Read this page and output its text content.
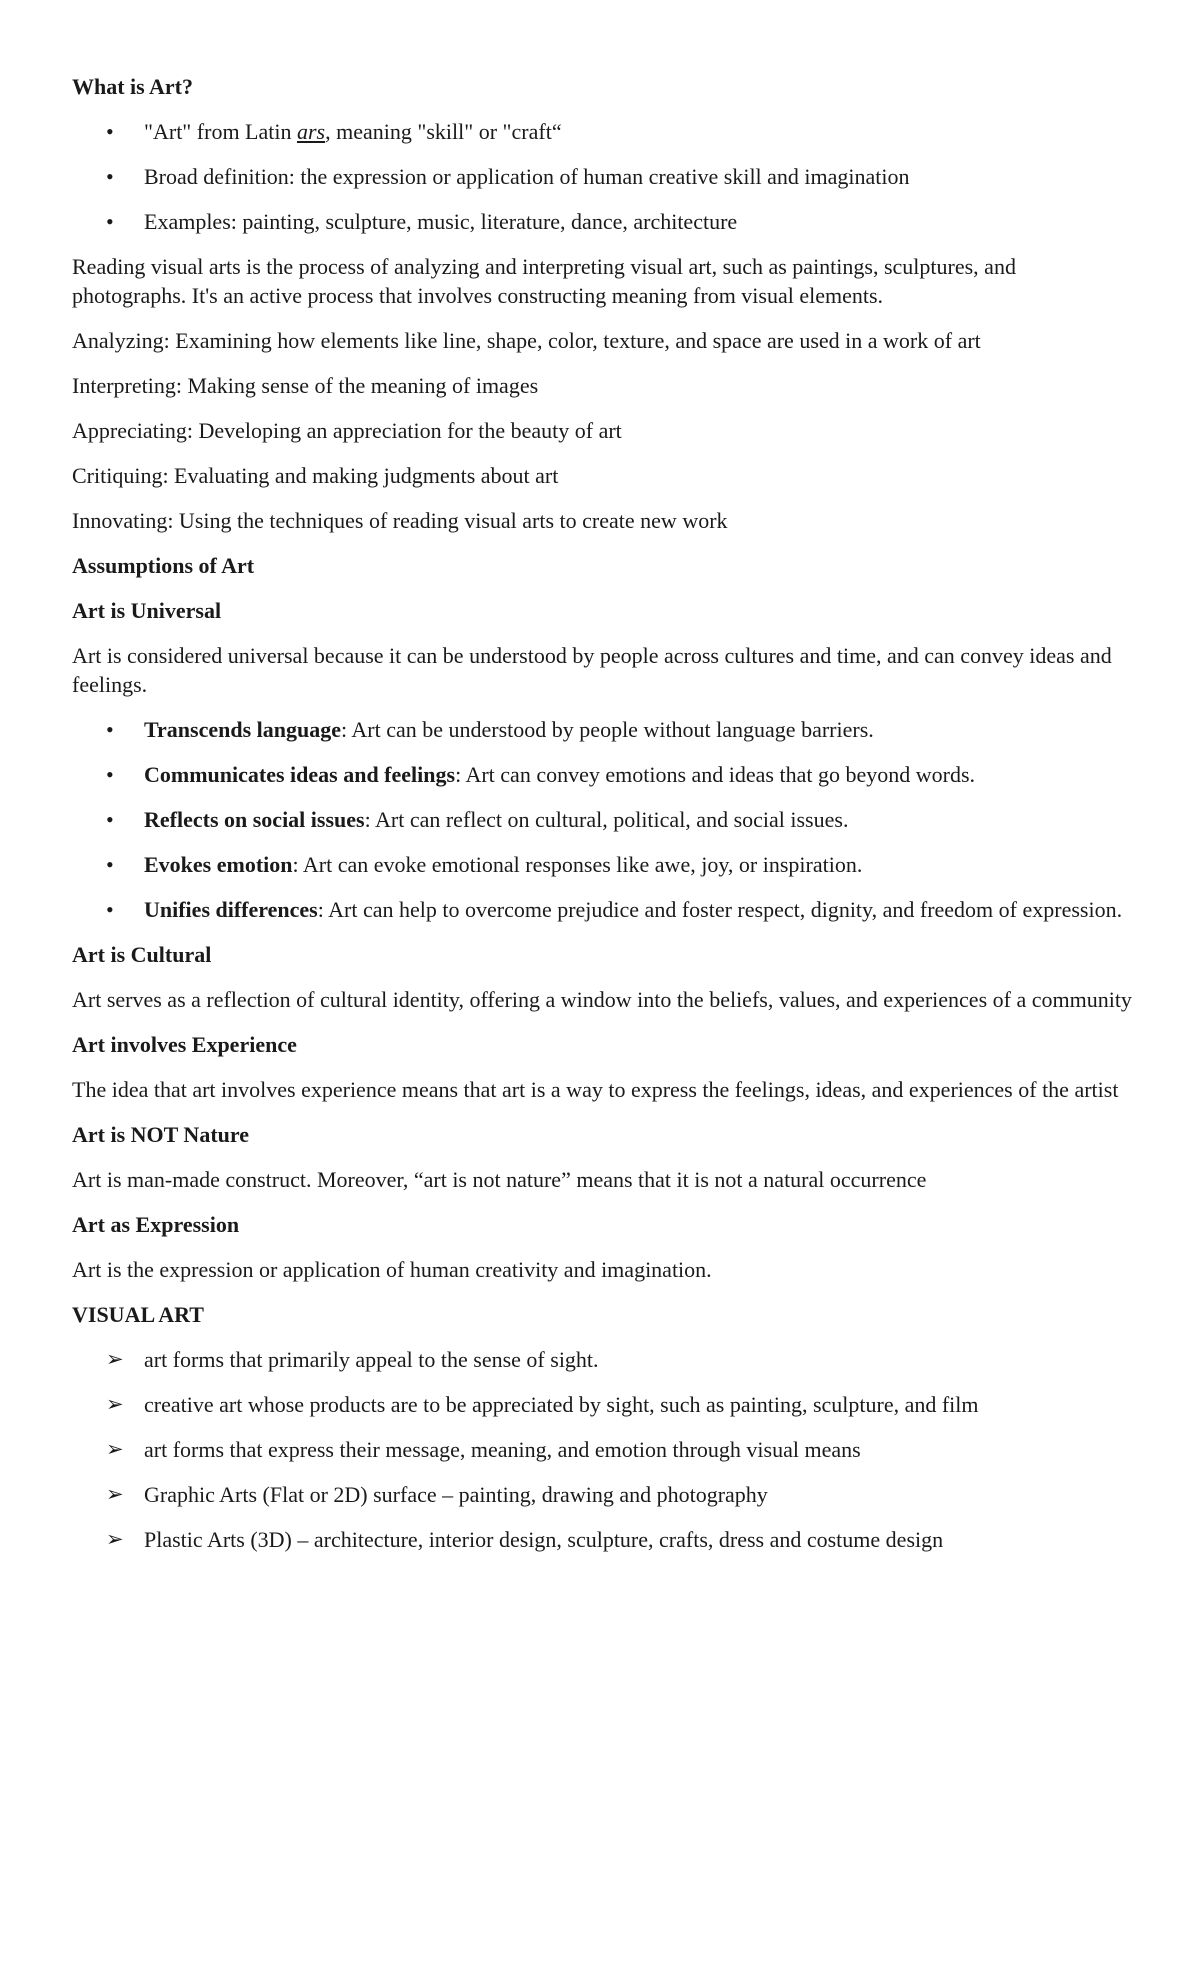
What is Art?
• "Art" from Latin ars, meaning "skill" or "craft“
• Broad definition: the expression or application of human creative skill and imagination
• Examples: painting, sculpture, music, literature, dance, architecture

Reading visual arts is the process of analyzing and interpreting visual art, such as paintings, sculptures, and photographs. It's an active process that involves constructing meaning from visual elements.

Analyzing: Examining how elements like line, shape, color, texture, and space are used in a work of art

Interpreting: Making sense of the meaning of images

Appreciating: Developing an appreciation for the beauty of art

Critiquing: Evaluating and making judgments about art

Innovating: Using the techniques of reading visual arts to create new work

Assumptions of Art
Art is Universal

Art is considered universal because it can be understood by people across cultures and time, and can convey ideas and feelings.

• Transcends language: Art can be understood by people without language barriers.
• Communicates ideas and feelings: Art can convey emotions and ideas that go beyond words.
• Reflects on social issues: Art can reflect on cultural, political, and social issues.
• Evokes emotion: Art can evoke emotional responses like awe, joy, or inspiration.
• Unifies differences: Art can help to overcome prejudice and foster respect, dignity, and freedom of expression.
Art is Cultural

Art serves as a reflection of cultural identity, offering a window into the beliefs, values, and experiences of a community

Art involves Experience

The idea that art involves experience means that art is a way to express the feelings, ideas, and experiences of the artist

Art is NOT Nature

Art is man-made construct. Moreover, “art is not nature” means that it is not a natural occurrence

Art as Expression

Art is the expression or application of human creativity and imagination.

VISUAL ART
➢ art forms that primarily appeal to the sense of sight.
➢ creative art whose products are to be appreciated by sight, such as painting, sculpture, and film
➢ art forms that express their message, meaning, and emotion through visual means
➢ Graphic Arts (Flat or 2D) surface – painting, drawing and photography
➢ Plastic Arts (3D) – architecture, interior design, sculpture, crafts, dress and costume design
